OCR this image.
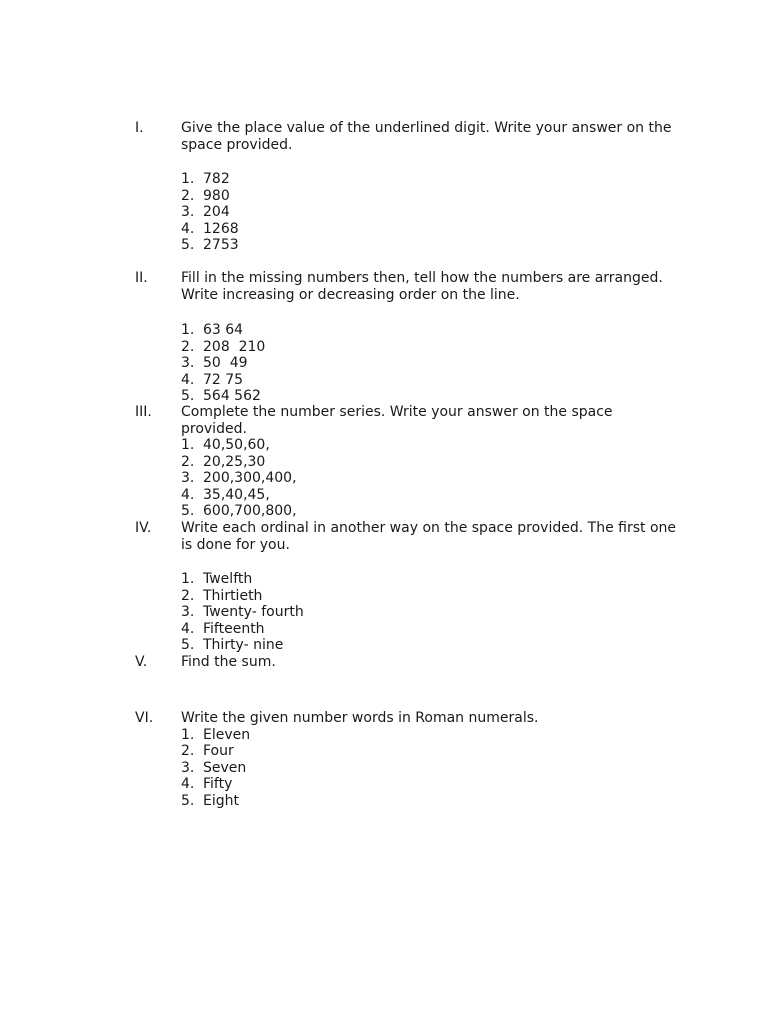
I.	Give the place value of the underlined digit. Write your answer on the
space provided.
1. 782
2. 980
3. 204
4. 1268
5. 2753
II. Fill in the missing numbers then, tell how the numbers are arranged.
Write increasing or decreasing order on the line.
1. 63 64
2. 208  210
3. 50  49
4. 72 75
5. 564 562
III. Complete the number series. Write your answer on the space provided.
1. 40,50,60,
2. 20,25,30
3. 200,300,400,
4. 35,40,45,
5. 600,700,800,
IV. Write each ordinal in another way on the space provided. The first one
is done for you.
1. Twelfth
2. Thirtieth
3. Twenty- fourth
4. Fifteenth
5. Thirty- nine
V. Find the sum.
VI. Write the given number words in Roman numerals.
1. Eleven
2. Four
3. Seven
4. Fifty
5. Eight
